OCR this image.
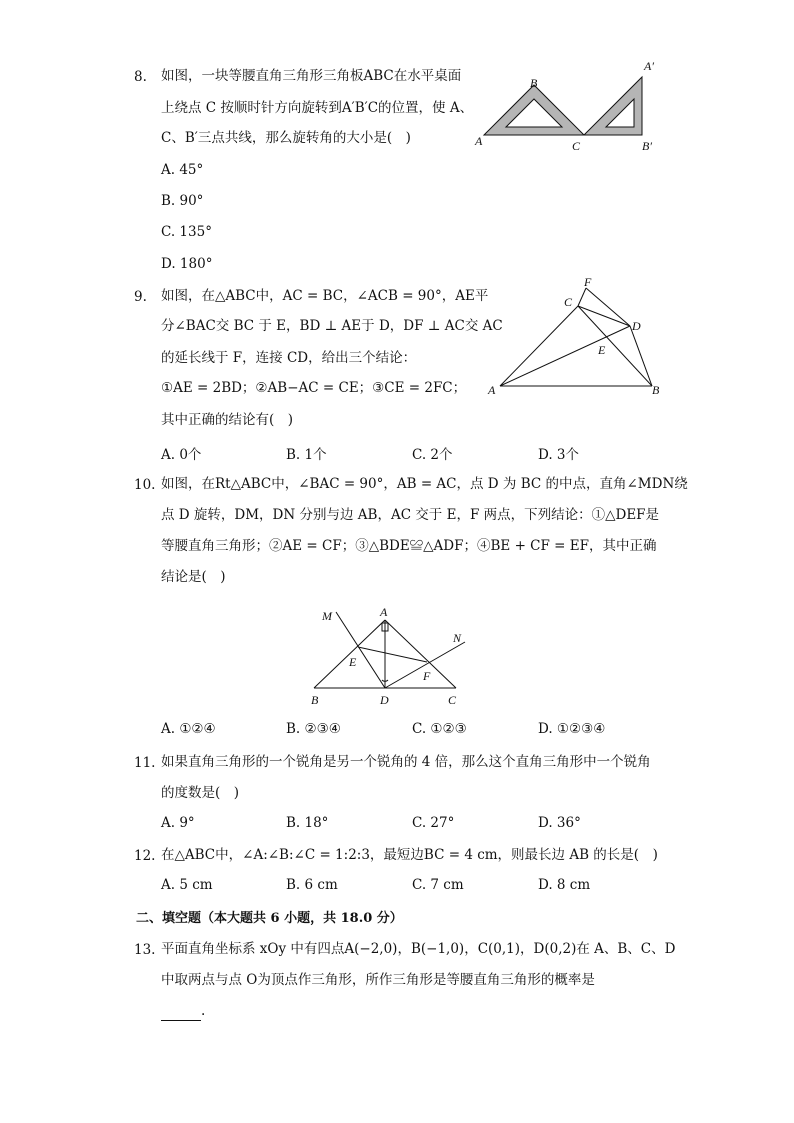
8. 如图，一块等腰直角三角形三角板ABC在水平桌面
上绕点 C 按顺时针方向旋转到A′B′C的位置，使 A、
C、B′三点共线，那么旋转角的大小是(　)
A. 45°
B. 90°
C. 135°
D. 180°
A
B
C
A′
B′
9. 如图，在△ABC中，AC = BC，∠ACB = 90°，AE平
分∠BAC交 BC 于 E，BD ⊥ AE于 D，DF ⊥ AC交 AC
的延长线于 F，连接 CD，给出三个结论：
①AE = 2BD；②AB−AC = CE；③CE = 2FC；
其中正确的结论有(　)
A. 0个	B. 1个	C. 2个	D. 3个
F
C
D
E
A	B
10. 如图，在Rt△ABC中，∠BAC = 90°，AB = AC，点 D 为 BC 的中点，直角∠MDN绕
点 D 旋转，DM，DN 分别与边 AB，AC 交于 E，F 两点，下列结论：①△DEF是
等腰直角三角形；②AE = CF；③△BDE≌△ADF；④BE + CF = EF，其中正确
结论是(　)
M	A
N
E
F
B	D	C
A. ①②④	B. ②③④	C. ①②③	D. ①②③④
11. 如果直角三角形的一个锐角是另一个锐角的 4 倍，那么这个直角三角形中一个锐角
的度数是(　)
A. 9°	B. 18°	C. 27°	D. 36°
12. 在△ABC中，∠A:∠B:∠C = 1:2:3，最短边BC = 4 cm，则最长边 AB 的长是(　)
A. 5 cm	B. 6 cm	C. 7 cm	D. 8 cm
二、填空题（本大题共 6 小题，共 18.0 分）
13. 平面直角坐标系 xOy 中有四点A(−2,0)，B(−1,0)，C(0,1)，D(0,2)在 A、B、C、D
中取两点与点 O为顶点作三角形，所作三角形是等腰直角三角形的概率是
.
